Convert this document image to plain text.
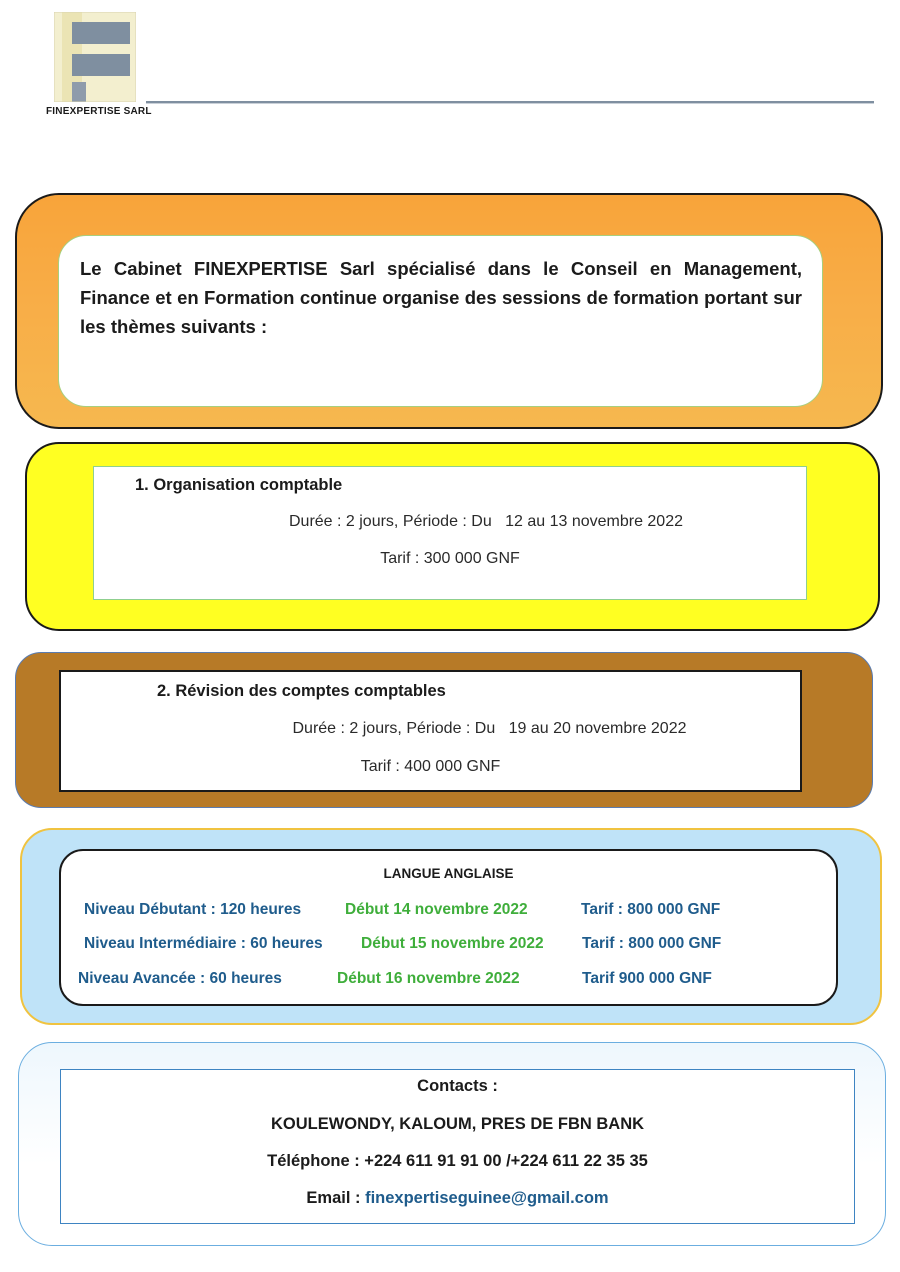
FINEXPERTISE SARL
Le Cabinet FINEXPERTISE Sarl spécialisé dans le Conseil en Management, Finance et en Formation continue organise des sessions de formation portant sur les thèmes suivants :
1. Organisation comptable
Durée : 2 jours, Période : Du   12 au 13 novembre 2022
Tarif : 300 000 GNF
2. Révision des comptes comptables
Durée : 2 jours, Période : Du   19 au 20 novembre 2022
Tarif : 400 000 GNF
LANGUE ANGLAISE
Niveau Débutant : 120 heures	Début 14 novembre 2022	Tarif : 800 000 GNF
Niveau Intermédiaire : 60 heures Début 15 novembre 2022 Tarif : 800 000 GNF
Niveau Avancée : 60 heures	Début 16 novembre 2022	Tarif 900 000 GNF
Contacts :
KOULEWONDY, KALOUM, PRES DE FBN BANK
Téléphone : +224 611 91 91 00 /+224 611 22 35 35
Email : finexpertiseguinee@gmail.com
